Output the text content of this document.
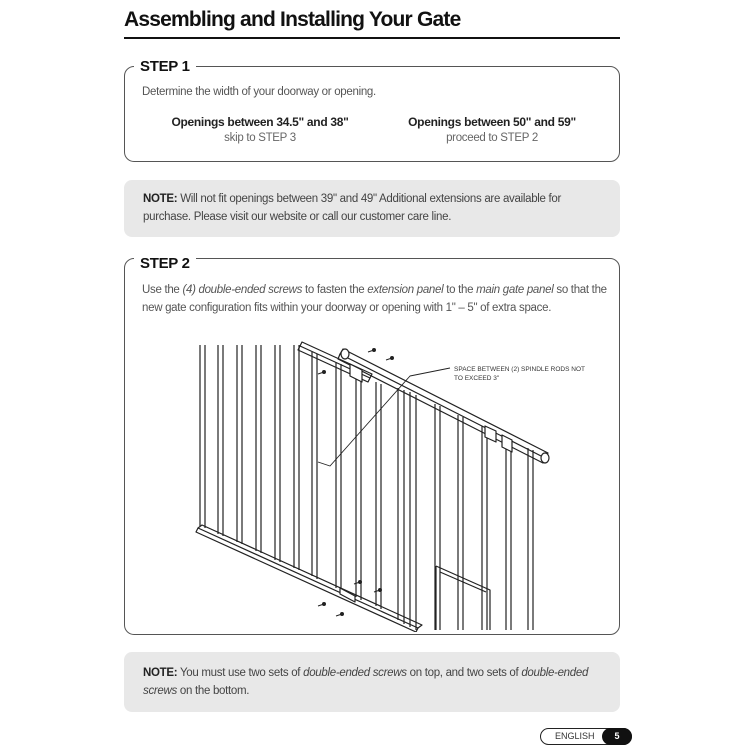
Assembling and Installing Your Gate
Determine the width of your doorway or opening.
Openings between 34.5" and 38"
skip to STEP 3
Openings between 50" and 59"
proceed to STEP 2
STEP 1
NOTE: Will not fit openings between 39" and 49" Additional extensions are available for purchase. Please visit our website or call our customer care line.
Use the (4) double-ended screws to fasten the extension panel to the main gate panel so that the new gate configuration fits within your doorway or opening with 1" – 5" of extra space.
STEP 2
SPACE BETWEEN (2) SPINDLE RODS NOT
TO EXCEED 3"
NOTE: You must use two sets of double-ended screws on top, and two sets of double-ended screws on the bottom.
ENGLISH	5
